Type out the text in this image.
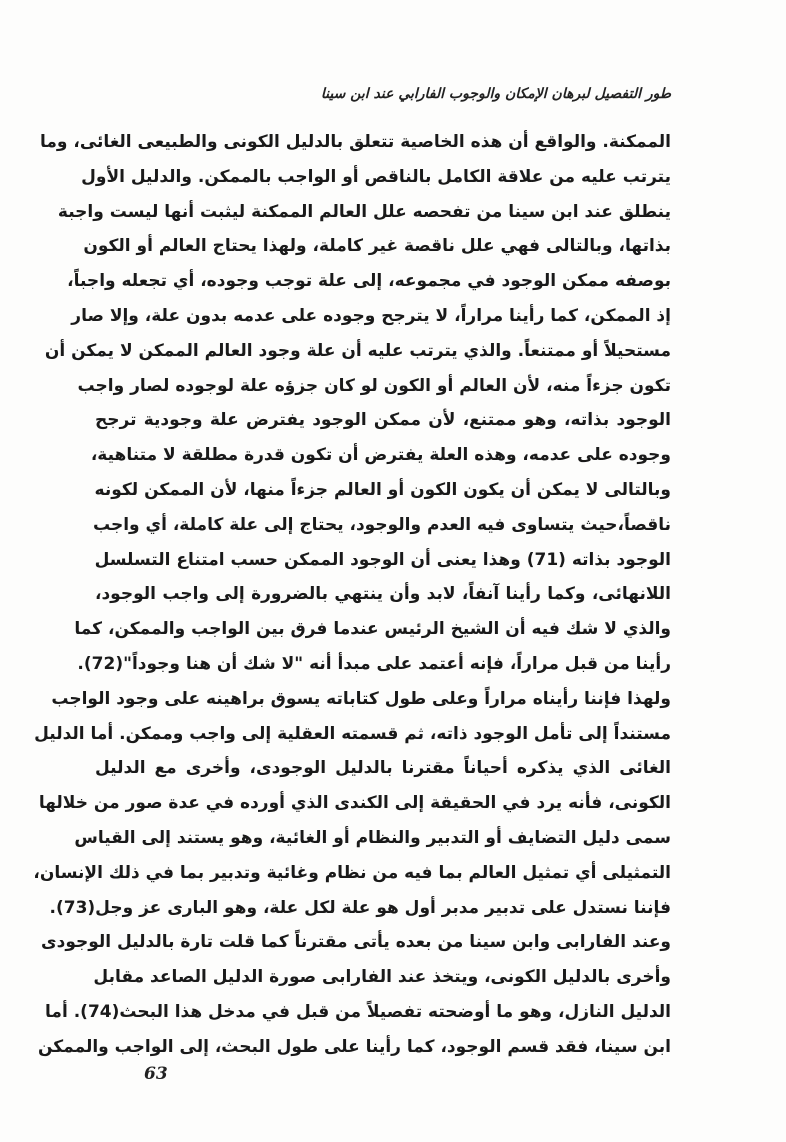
طور التفصيل لبرهان الإمكان والوجوب الفارابي عند ابن سينا
الممكنة. والواقع أن هذه الخاصية تتعلق بالدليل الكونى والطبيعى الغائى، وما
يترتب عليه من علاقة الكامل بالناقص أو الواجب بالممكن. والدليل الأول
ينطلق عند ابن سينا من تفحصه علل العالم الممكنة ليثبت أنها ليست واجبة
بذاتها، وبالتالى فهي علل ناقصة غير كاملة، ولهذا يحتاج العالم أو الكون
بوصفه ممكن الوجود في مجموعه، إلى علة توجب وجوده، أي تجعله واجباً،
إذ الممكن، كما رأينا مراراً، لا يترجح وجوده على عدمه بدون علة، وإلا صار
مستحيلاً أو ممتنعاً. والذي يترتب عليه أن علة وجود العالم الممكن لا يمكن أن
تكون جزءاً منه، لأن العالم أو الكون لو كان جزؤه علة لوجوده لصار واجب
الوجود بذاته، وهو ممتنع، لأن ممكن الوجود يفترض علة وجودية ترجح
وجوده على عدمه، وهذه العلة يفترض أن تكون قدرة مطلقة لا متناهية،
وبالتالى لا يمكن أن يكون الكون أو العالم جزءاً منها، لأن الممكن لكونه
ناقصاً،حيث يتساوى فيه العدم والوجود، يحتاج إلى علة كاملة، أي واجب
الوجود بذاته (71) وهذا يعنى أن الوجود الممكن حسب امتناع التسلسل
اللانهائى، وكما رأينا آنفاً، لابد وأن ينتهي بالضرورة إلى واجب الوجود،
والذي لا شك فيه أن الشيخ الرئيس عندما فرق بين الواجب والممكن، كما
رأينا من قبل مراراً، فإنه أعتمد على مبدأ أنه "لا شك أن هنا وجوداً"(72).
ولهذا فإننا رأيناه مراراً وعلى طول كتاباته يسوق براهينه على وجود الواجب
مستنداً إلى تأمل الوجود ذاته، ثم قسمته العقلية إلى واجب وممكن. أما الدليل
الغائى الذي يذكره أحياناً مقترنا بالدليل الوجودى، وأخرى مع الدليل
الكونى، فأنه يرد في الحقيقة إلى الكندى الذي أورده في عدة صور من خلالها
سمى دليل التضايف أو التدبير والنظام أو الغائية، وهو يستند إلى القياس
التمثيلى أي تمثيل العالم بما فيه من نظام وغائية وتدبير بما في ذلك الإنسان،
فإننا نستدل على تدبير مدبر أول هو علة لكل علة، وهو البارى عز وجل(73).
وعند الفارابى وابن سينا من بعده يأتى مقترناً كما قلت تارة بالدليل الوجودى
وأخرى بالدليل الكونى، ويتخذ عند الفارابى صورة الدليل الصاعد مقابل
الدليل النازل، وهو ما أوضحته تفصيلاً من قبل في مدخل هذا البحث(74). أما
ابن سينا، فقد قسم الوجود، كما رأينا على طول البحث، إلى الواجب والممكن
63
